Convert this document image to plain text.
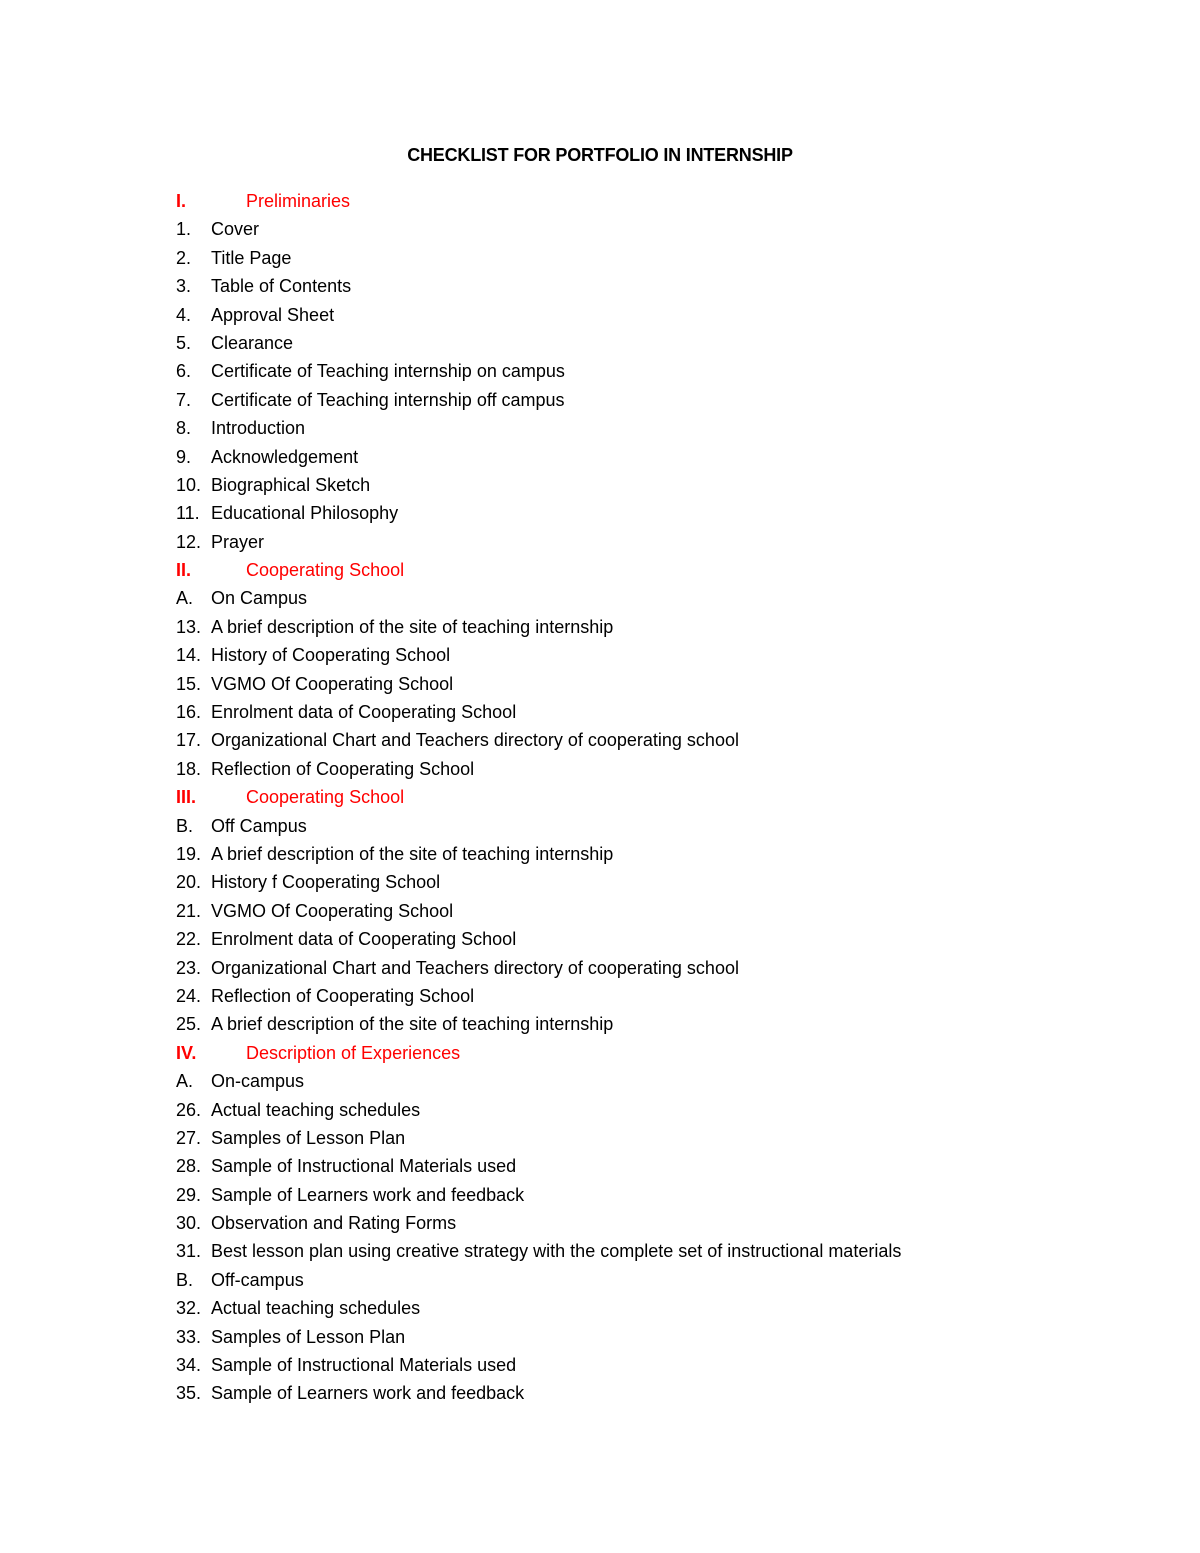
CHECKLIST FOR PORTFOLIO IN INTERNSHIP
I.	Preliminaries
1. Cover
2. Title Page
3. Table of Contents
4. Approval Sheet
5. Clearance
6. Certificate of Teaching internship on campus
7. Certificate of Teaching internship off campus
8. Introduction
9. Acknowledgement
10. Biographical Sketch
11. Educational Philosophy
12. Prayer
II.	Cooperating School
A. On Campus
13. A brief description of the site of teaching internship
14. History of Cooperating School
15. VGMO Of Cooperating School
16. Enrolment data of Cooperating School
17. Organizational Chart and Teachers directory of cooperating school
18. Reflection of Cooperating School
III.	Cooperating School
B. Off Campus
19. A brief description of the site of teaching internship
20. History f Cooperating School
21. VGMO Of Cooperating School
22. Enrolment data of Cooperating School
23. Organizational Chart and Teachers directory of cooperating school
24. Reflection of Cooperating School
25. A brief description of the site of teaching internship
IV.	Description of Experiences
A. On-campus
26. Actual teaching schedules
27. Samples of Lesson Plan
28. Sample of Instructional Materials used
29. Sample of Learners work and feedback
30. Observation and Rating Forms
31. Best lesson plan using creative strategy with the complete set of instructional materials
B. Off-campus
32. Actual teaching schedules
33. Samples of Lesson Plan
34. Sample of Instructional Materials used
35. Sample of Learners work and feedback
